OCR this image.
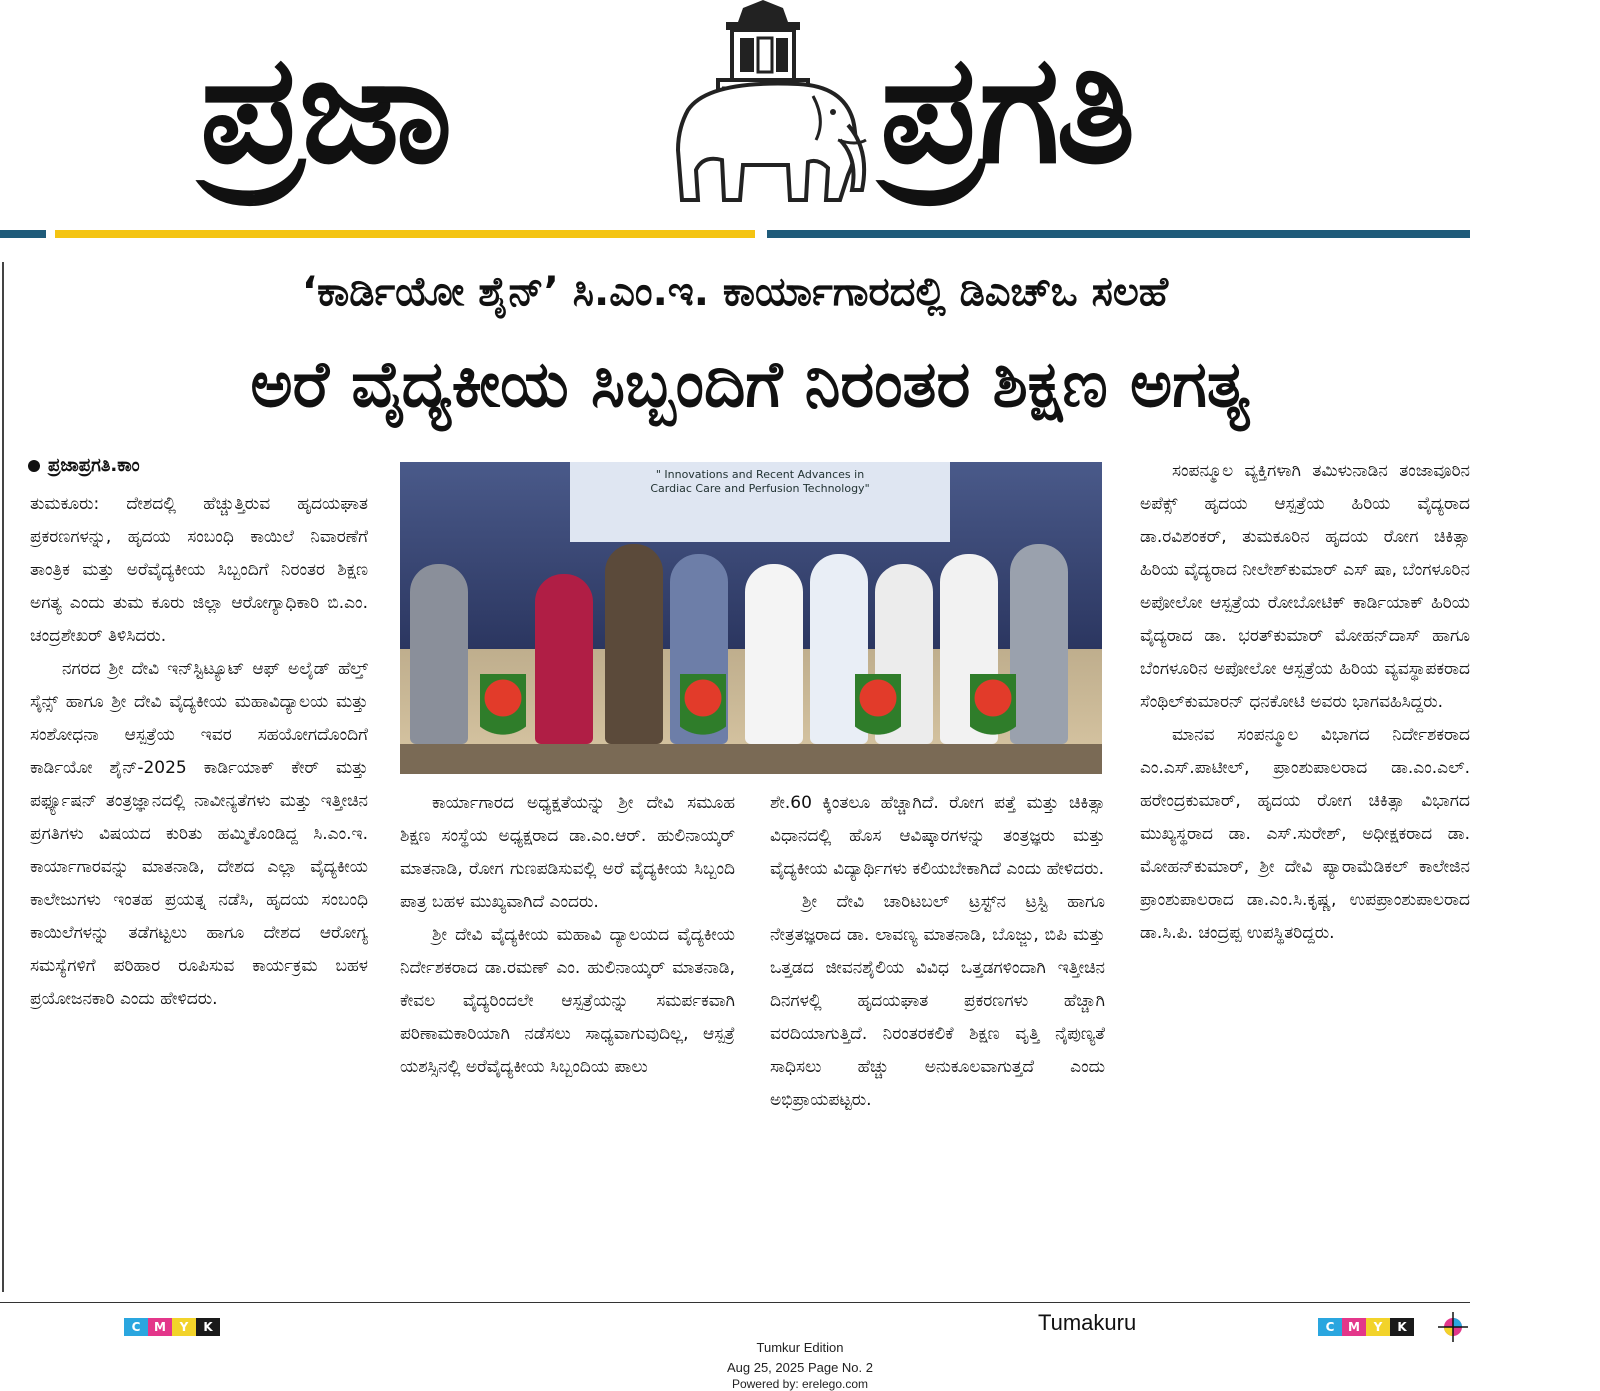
ಪ್ರಜಾ	ಪ್ರಗತಿ
‘ಕಾರ್ಡಿಯೋ ಶೈನ್’ ಸಿ.ಎಂ.ಇ. ಕಾರ್ಯಾಗಾರದಲ್ಲಿ ಡಿಎಚ್ಒ ಸಲಹೆ
ಅರೆ ವೈದ್ಯಕೀಯ ಸಿಬ್ಬಂದಿಗೆ ನಿರಂತರ ಶಿಕ್ಷಣ ಅಗತ್ಯ
ಪ್ರಜಾಪ್ರಗತಿ.ಕಾಂ

ತುಮಕೂರು: ದೇಶದಲ್ಲಿ ಹೆಚ್ಚುತ್ತಿರುವ ಹೃದಯಘಾತ ಪ್ರಕರಣಗಳನ್ನು, ಹೃದಯ ಸಂಬಂಧಿ ಕಾಯಿಲೆ ನಿವಾರಣೆಗೆ ತಾಂತ್ರಿಕ ಮತ್ತು ಅರೆವೈದ್ಯಕೀಯ ಸಿಬ್ಬಂದಿಗೆ ನಿರಂತರ ಶಿಕ್ಷಣ ಅಗತ್ಯ ಎಂದು ತುಮ ಕೂರು ಜಿಲ್ಲಾ ಆರೋಗ್ಯಾಧಿಕಾರಿ ಬಿ.ಎಂ. ಚಂದ್ರಶೇಖರ್ ತಿಳಿಸಿದರು.

ನಗರದ ಶ್ರೀ ದೇವಿ ಇನ್‌ಸ್ಟಿಟ್ಯೂಟ್ ಆಫ್ ಅಲೈಡ್ ಹೆಲ್ತ್ ಸೈನ್ಸ್ ಹಾಗೂ ಶ್ರೀ ದೇವಿ ವೈದ್ಯಕೀಯ ಮಹಾವಿದ್ಯಾಲಯ ಮತ್ತು ಸಂಶೋಧನಾ ಆಸ್ಪತ್ರೆಯ ಇವರ ಸಹಯೋಗದೊಂದಿಗೆ ಕಾರ್ಡಿಯೋ ಶೈನ್-2025 ಕಾರ್ಡಿಯಾಕ್ ಕೇರ್ ಮತ್ತು ಪರ್ಫ್ಯೂಷನ್ ತಂತ್ರಜ್ಞಾನದಲ್ಲಿ ನಾವೀನ್ಯತೆಗಳು ಮತ್ತು ಇತ್ತೀಚಿನ ಪ್ರಗತಿಗಳು ವಿಷಯದ ಕುರಿತು ಹಮ್ಮಿಕೊಂಡಿದ್ದ ಸಿ.ಎಂ.ಇ. ಕಾರ್ಯಾಗಾರವನ್ನು ಮಾತನಾಡಿ, ದೇಶದ ಎಲ್ಲಾ ವೈದ್ಯಕೀಯ ಕಾಲೇಜುಗಳು ಇಂತಹ ಪ್ರಯತ್ನ ನಡೆಸಿ, ಹೃದಯ ಸಂಬಂಧಿ ಕಾಯಿಲೆಗಳನ್ನು ತಡೆಗಟ್ಟಲು ಹಾಗೂ ದೇಶದ ಆರೋಗ್ಯ ಸಮಸ್ಯೆಗಳಿಗೆ ಪರಿಹಾರ ರೂಪಿಸುವ ಕಾರ್ಯಕ್ರಮ ಬಹಳ ಪ್ರಯೋಜನಕಾರಿ ಎಂದು ಹೇಳಿದರು.

" Innovations and Recent Advances in
Cardiac Care and Perfusion Technology"

ಕಾರ್ಯಾಗಾರದ ಅಧ್ಯಕ್ಷತೆಯನ್ನು ಶ್ರೀ ದೇವಿ ಸಮೂಹ ಶಿಕ್ಷಣ ಸಂಸ್ಥೆಯ ಅಧ್ಯಕ್ಷರಾದ ಡಾ.ಎಂ.ಆರ್. ಹುಲಿನಾಯ್ಕರ್ ಮಾತನಾಡಿ, ರೋಗ ಗುಣಪಡಿಸುವಲ್ಲಿ ಅರೆ ವೈದ್ಯಕೀಯ ಸಿಬ್ಬಂದಿ ಪಾತ್ರ ಬಹಳ ಮುಖ್ಯವಾಗಿದೆ ಎಂದರು.

ಶ್ರೀ ದೇವಿ ವೈದ್ಯಕೀಯ ಮಹಾವಿ ದ್ಯಾಲಯದ ವೈದ್ಯಕೀಯ ನಿರ್ದೇಶಕರಾದ ಡಾ.ರಮಣ್ ಎಂ. ಹುಲಿನಾಯ್ಕರ್ ಮಾತನಾಡಿ, ಕೇವಲ ವೈದ್ಯರಿಂದಲೇ ಆಸ್ಪತ್ರೆಯನ್ನು ಸಮರ್ಪಕವಾಗಿ ಪರಿಣಾಮಕಾರಿಯಾಗಿ ನಡೆಸಲು ಸಾಧ್ಯವಾಗುವುದಿಲ್ಲ, ಆಸ್ಪತ್ರೆ ಯಶಸ್ಸಿನಲ್ಲಿ ಅರೆವೈದ್ಯಕೀಯ ಸಿಬ್ಬಂದಿಯ ಪಾಲು

ಶೇ.60 ಕ್ಕಿಂತಲೂ ಹೆಚ್ಚಾಗಿದೆ. ರೋಗ ಪತ್ತೆ ಮತ್ತು ಚಿಕಿತ್ಸಾ ವಿಧಾನದಲ್ಲಿ ಹೊಸ ಆವಿಷ್ಕಾರಗಳನ್ನು ತಂತ್ರಜ್ಞರು ಮತ್ತು ವೈದ್ಯಕೀಯ ವಿದ್ಯಾರ್ಥಿಗಳು ಕಲಿಯಬೇಕಾಗಿದೆ ಎಂದು ಹೇಳಿದರು.

ಶ್ರೀ ದೇವಿ ಚಾರಿಟಬಲ್ ಟ್ರಸ್ಟ್‌ನ ಟ್ರಸ್ಟಿ ಹಾಗೂ ನೇತ್ರತಜ್ಞರಾದ ಡಾ. ಲಾವಣ್ಯ ಮಾತನಾಡಿ, ಬೊಜ್ಜು, ಬಿಪಿ ಮತ್ತು ಒತ್ತಡದ ಜೀವನಶೈಲಿಯ ವಿವಿಧ ಒತ್ತಡಗಳಿಂದಾಗಿ ಇತ್ತೀಚಿನ ದಿನಗಳಲ್ಲಿ ಹೃದಯಘಾತ ಪ್ರಕರಣಗಳು ಹೆಚ್ಚಾಗಿ ವರದಿಯಾಗುತ್ತಿದೆ. ನಿರಂತರಕಲಿಕೆ ಶಿಕ್ಷಣ ವೃತ್ತಿ ನೈಪುಣ್ಯತೆ ಸಾಧಿಸಲು ಹೆಚ್ಚು ಅನುಕೂಲವಾಗುತ್ತದೆ ಎಂದು ಅಭಿಪ್ರಾಯಪಟ್ಟರು.

ಸಂಪನ್ಮೂಲ ವ್ಯಕ್ತಿಗಳಾಗಿ ತಮಿಳುನಾಡಿನ ತಂಜಾವೂರಿನ ಅಪೆಕ್ಸ್ ಹೃದಯ ಆಸ್ಪತ್ರೆಯ ಹಿರಿಯ ವೈದ್ಯರಾದ ಡಾ.ರವಿಶಂಕರ್, ತುಮಕೂರಿನ ಹೃದಯ ರೋಗ ಚಿಕಿತ್ಸಾ ಹಿರಿಯ ವೈದ್ಯರಾದ ನೀಲೇಶ್‌ಕುಮಾರ್ ಎಸ್ ಷಾ, ಬೆಂಗಳೂರಿನ ಅಪೋಲೋ ಆಸ್ಪತ್ರೆಯ ರೋಬೋಟಿಕ್ ಕಾರ್ಡಿಯಾಕ್ ಹಿರಿಯ ವೈದ್ಯರಾದ ಡಾ. ಭರತ್‌ಕುಮಾರ್ ಮೋಹನ್‌ದಾಸ್ ಹಾಗೂ ಬೆಂಗಳೂರಿನ ಅಪೋಲೋ ಆಸ್ಪತ್ರೆಯ ಹಿರಿಯ ವ್ಯವಸ್ಥಾಪಕರಾದ ಸೆಂಥಿಲ್‌ಕುಮಾರನ್ ಧನಕೋಟಿ ಅವರು ಭಾಗವಹಿಸಿದ್ದರು.

ಮಾನವ ಸಂಪನ್ಮೂಲ ವಿಭಾಗದ ನಿರ್ದೇಶಕರಾದ ಎಂ.ಎಸ್.ಪಾಟೀಲ್, ಪ್ರಾಂಶುಪಾಲರಾದ ಡಾ.ಎಂ.ಎಲ್. ಹರೇಂದ್ರಕುಮಾರ್, ಹೃದಯ ರೋಗ ಚಿಕಿತ್ಸಾ ವಿಭಾಗದ ಮುಖ್ಯಸ್ಥರಾದ ಡಾ. ಎಸ್.ಸುರೇಶ್, ಅಧೀಕ್ಷಕರಾದ ಡಾ. ಮೋಹನ್‌ಕುಮಾರ್, ಶ್ರೀ ದೇವಿ ಪ್ಯಾರಾಮೆಡಿಕಲ್ ಕಾಲೇಜಿನ ಪ್ರಾಂಶುಪಾಲರಾದ ಡಾ.ಎಂ.ಸಿ.ಕೃಷ್ಣ, ಉಪಪ್ರಾಂಶುಪಾಲರಾದ ಡಾ.ಸಿ.ಪಿ. ಚಂದ್ರಪ್ಪ ಉಪಸ್ಥಿತರಿದ್ದರು.

C	M	Y	K	Tumakuru	C	M	Y	K
Tumkur Edition
Aug 25, 2025 Page No. 2
Powered by: erelego.com
